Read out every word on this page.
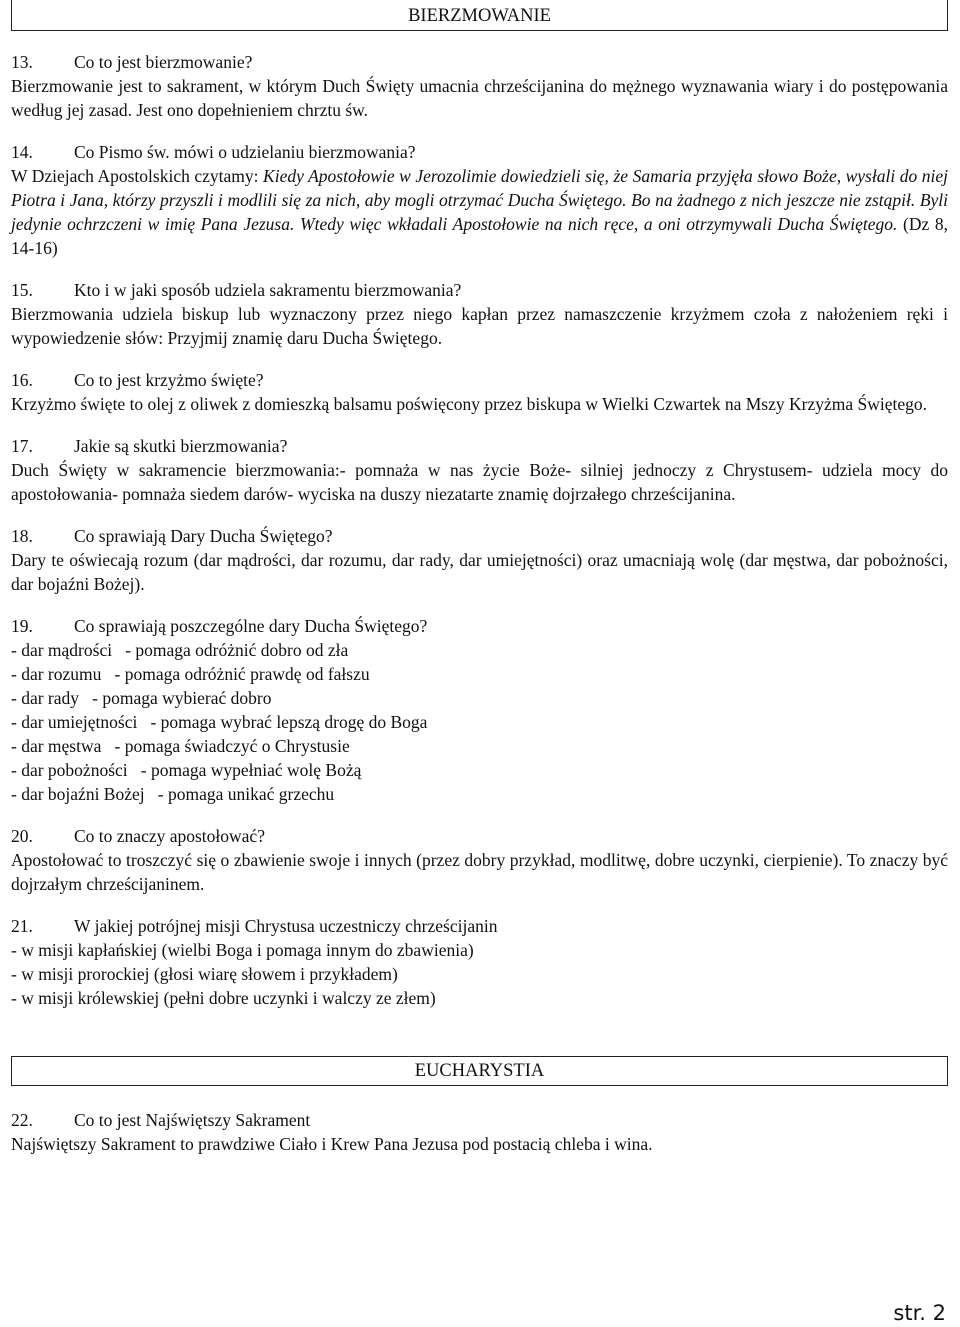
BIERZMOWANIE
13. Co to jest bierzmowanie?
Bierzmowanie jest to sakrament, w którym Duch Święty umacnia chrześcijanina do mężnego wyznawania wiary i do postępowania według jej zasad. Jest ono dopełnieniem chrztu św.
14. Co Pismo św. mówi o udzielaniu bierzmowania?
W Dziejach Apostolskich czytamy: Kiedy Apostołowie w Jerozolimie dowiedzieli się, że Samaria przyjęła słowo Boże, wysłali do niej Piotra i Jana, którzy przyszli i modlili się za nich, aby mogli otrzymać Ducha Świętego. Bo na żadnego z nich jeszcze nie zstąpił. Byli jedynie ochrzczeni w imię Pana Jezusa. Wtedy więc wkładali Apostołowie na nich ręce, a oni otrzymywali Ducha Świętego. (Dz 8, 14-16)
15. Kto i w jaki sposób udziela sakramentu bierzmowania?
Bierzmowania udziela biskup lub wyznaczony przez niego kapłan przez namaszczenie krzyżmem czoła z nałożeniem ręki i wypowiedzenie słów: Przyjmij znamię daru Ducha Świętego.
16. Co to jest krzyżmo święte?
Krzyżmo święte to olej z oliwek z domieszką balsamu poświęcony przez biskupa w Wielki Czwartek na Mszy Krzyżma Świętego.
17. Jakie są skutki bierzmowania?
Duch Święty w sakramencie bierzmowania:- pomnaża w nas życie Boże- silniej jednoczy z Chrystusem- udziela mocy do apostołowania- pomnaża siedem darów- wyciska na duszy niezatarte znamię dojrzałego chrześcijanina.
18. Co sprawiają Dary Ducha Świętego?
Dary te oświecają rozum (dar mądrości, dar rozumu, dar rady, dar umiejętności) oraz umacniają wolę (dar męstwa, dar pobożności, dar bojaźni Bożej).
19. Co sprawiają poszczególne dary Ducha Świętego?
- dar mądrości   - pomaga odróżnić dobro od zła
- dar rozumu   - pomaga odróżnić prawdę od fałszu
- dar rady   - pomaga wybierać dobro
- dar umiejętności   - pomaga wybrać lepszą drogę do Boga
- dar męstwa   - pomaga świadczyć o Chrystusie
- dar pobożności   - pomaga wypełniać wolę Bożą
- dar bojaźni Bożej   - pomaga unikać grzechu
20. Co to znaczy apostołować?
Apostołować to troszczyć się o zbawienie swoje i innych (przez dobry przykład, modlitwę, dobre uczynki, cierpienie). To znaczy być dojrzałym chrześcijaninem.
21. W jakiej potrójnej misji Chrystusa uczestniczy chrześcijanin
- w misji kapłańskiej (wielbi Boga i pomaga innym do zbawienia)
- w misji prorockiej (głosi wiarę słowem i przykładem)
- w misji królewskiej (pełni dobre uczynki i walczy ze złem)
EUCHARYSTIA
22. Co to jest Najświętszy Sakrament
Najświętszy Sakrament to prawdziwe Ciało i Krew Pana Jezusa pod postacią chleba i wina.
str. 2
